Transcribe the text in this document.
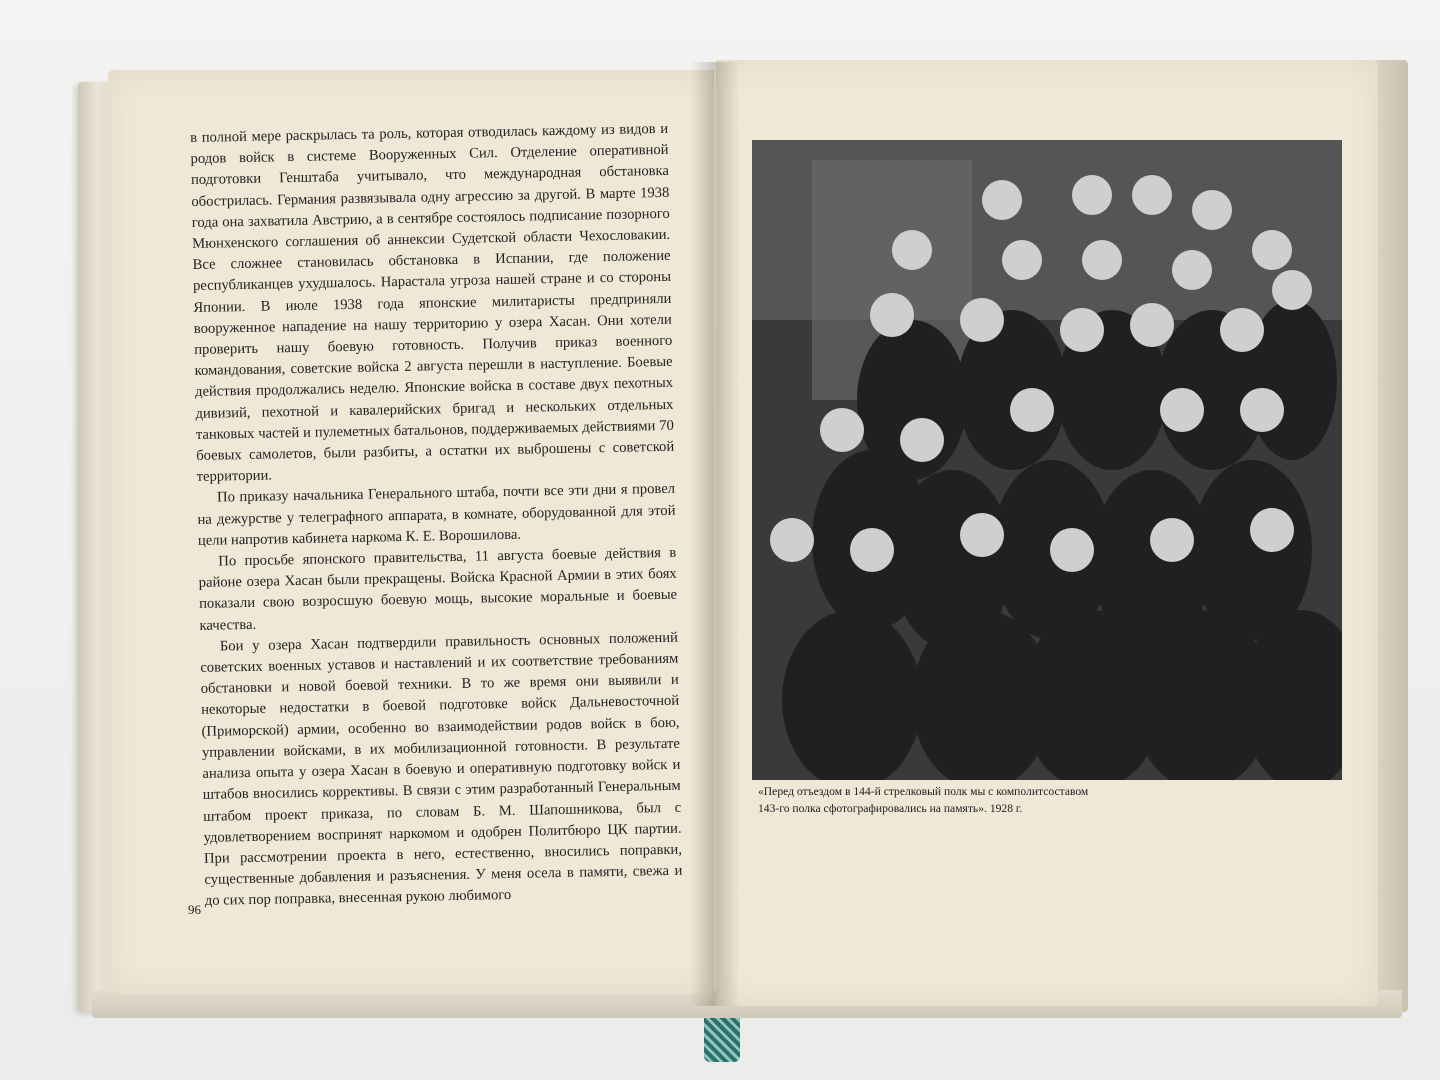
в полной мере раскрылась та роль, которая отводилась каждому из видов и родов войск в системе Вооруженных Сил. Отделение оперативной подготовки Генштаба учитывало, что международная обстановка обострилась. Германия развязывала одну агрессию за другой. В марте 1938 года она захватила Австрию, а в сентябре состоялось подписание позорного Мюнхенского соглашения об аннексии Судетской области Чехословакии. Все сложнее становилась обстановка в Испании, где положение республиканцев ухудшалось. Нарастала угроза нашей стране и со стороны Японии. В июле 1938 года японские милитаристы предприняли вооруженное нападение на нашу территорию у озера Хасан. Они хотели проверить нашу боевую готовность. Получив приказ военного командования, советские войска 2 августа перешли в наступление. Боевые действия продолжались неделю. Японские войска в составе двух пехотных дивизий, пехотной и кавалерийских бригад и нескольких отдельных танковых частей и пулеметных батальонов, поддерживаемых действиями 70 боевых самолетов, были разбиты, а остатки их выброшены с советской территории.

По приказу начальника Генерального штаба, почти все эти дни я провел на дежурстве у телеграфного аппарата, в комнате, оборудованной для этой цели напротив кабинета наркома К. Е. Ворошилова.

По просьбе японского правительства, 11 августа боевые действия в районе озера Хасан были прекращены. Войска Красной Армии в этих боях показали свою возросшую боевую мощь, высокие моральные и боевые качества.

Бои у озера Хасан подтвердили правильность основных положений советских военных уставов и наставлений и их соответствие требованиям обстановки и новой боевой техники. В то же время они выявили и некоторые недостатки в боевой подготовке войск Дальневосточной (Приморской) армии, особенно во взаимодействии родов войск в бою, управлении войсками, в их мобилизационной готовности. В результате анализа опыта у озера Хасан в боевую и оперативную подготовку войск и штабов вносились коррективы. В связи с этим разработанный Генеральным штабом проект приказа, по словам Б. М. Шапошникова, был с удовлетворением воспринят наркомом и одобрен Политбюро ЦК партии. При рассмотрении проекта в него, естественно, вносились поправки, существенные добавления и разъяснения. У меня осела в памяти, свежа и до сих пор поправка, внесенная рукою любимого

96
«Перед отъездом в 144-й стрелковый полк мы с комполитсоставом
143-го полка сфотографировались на память». 1928 г.
